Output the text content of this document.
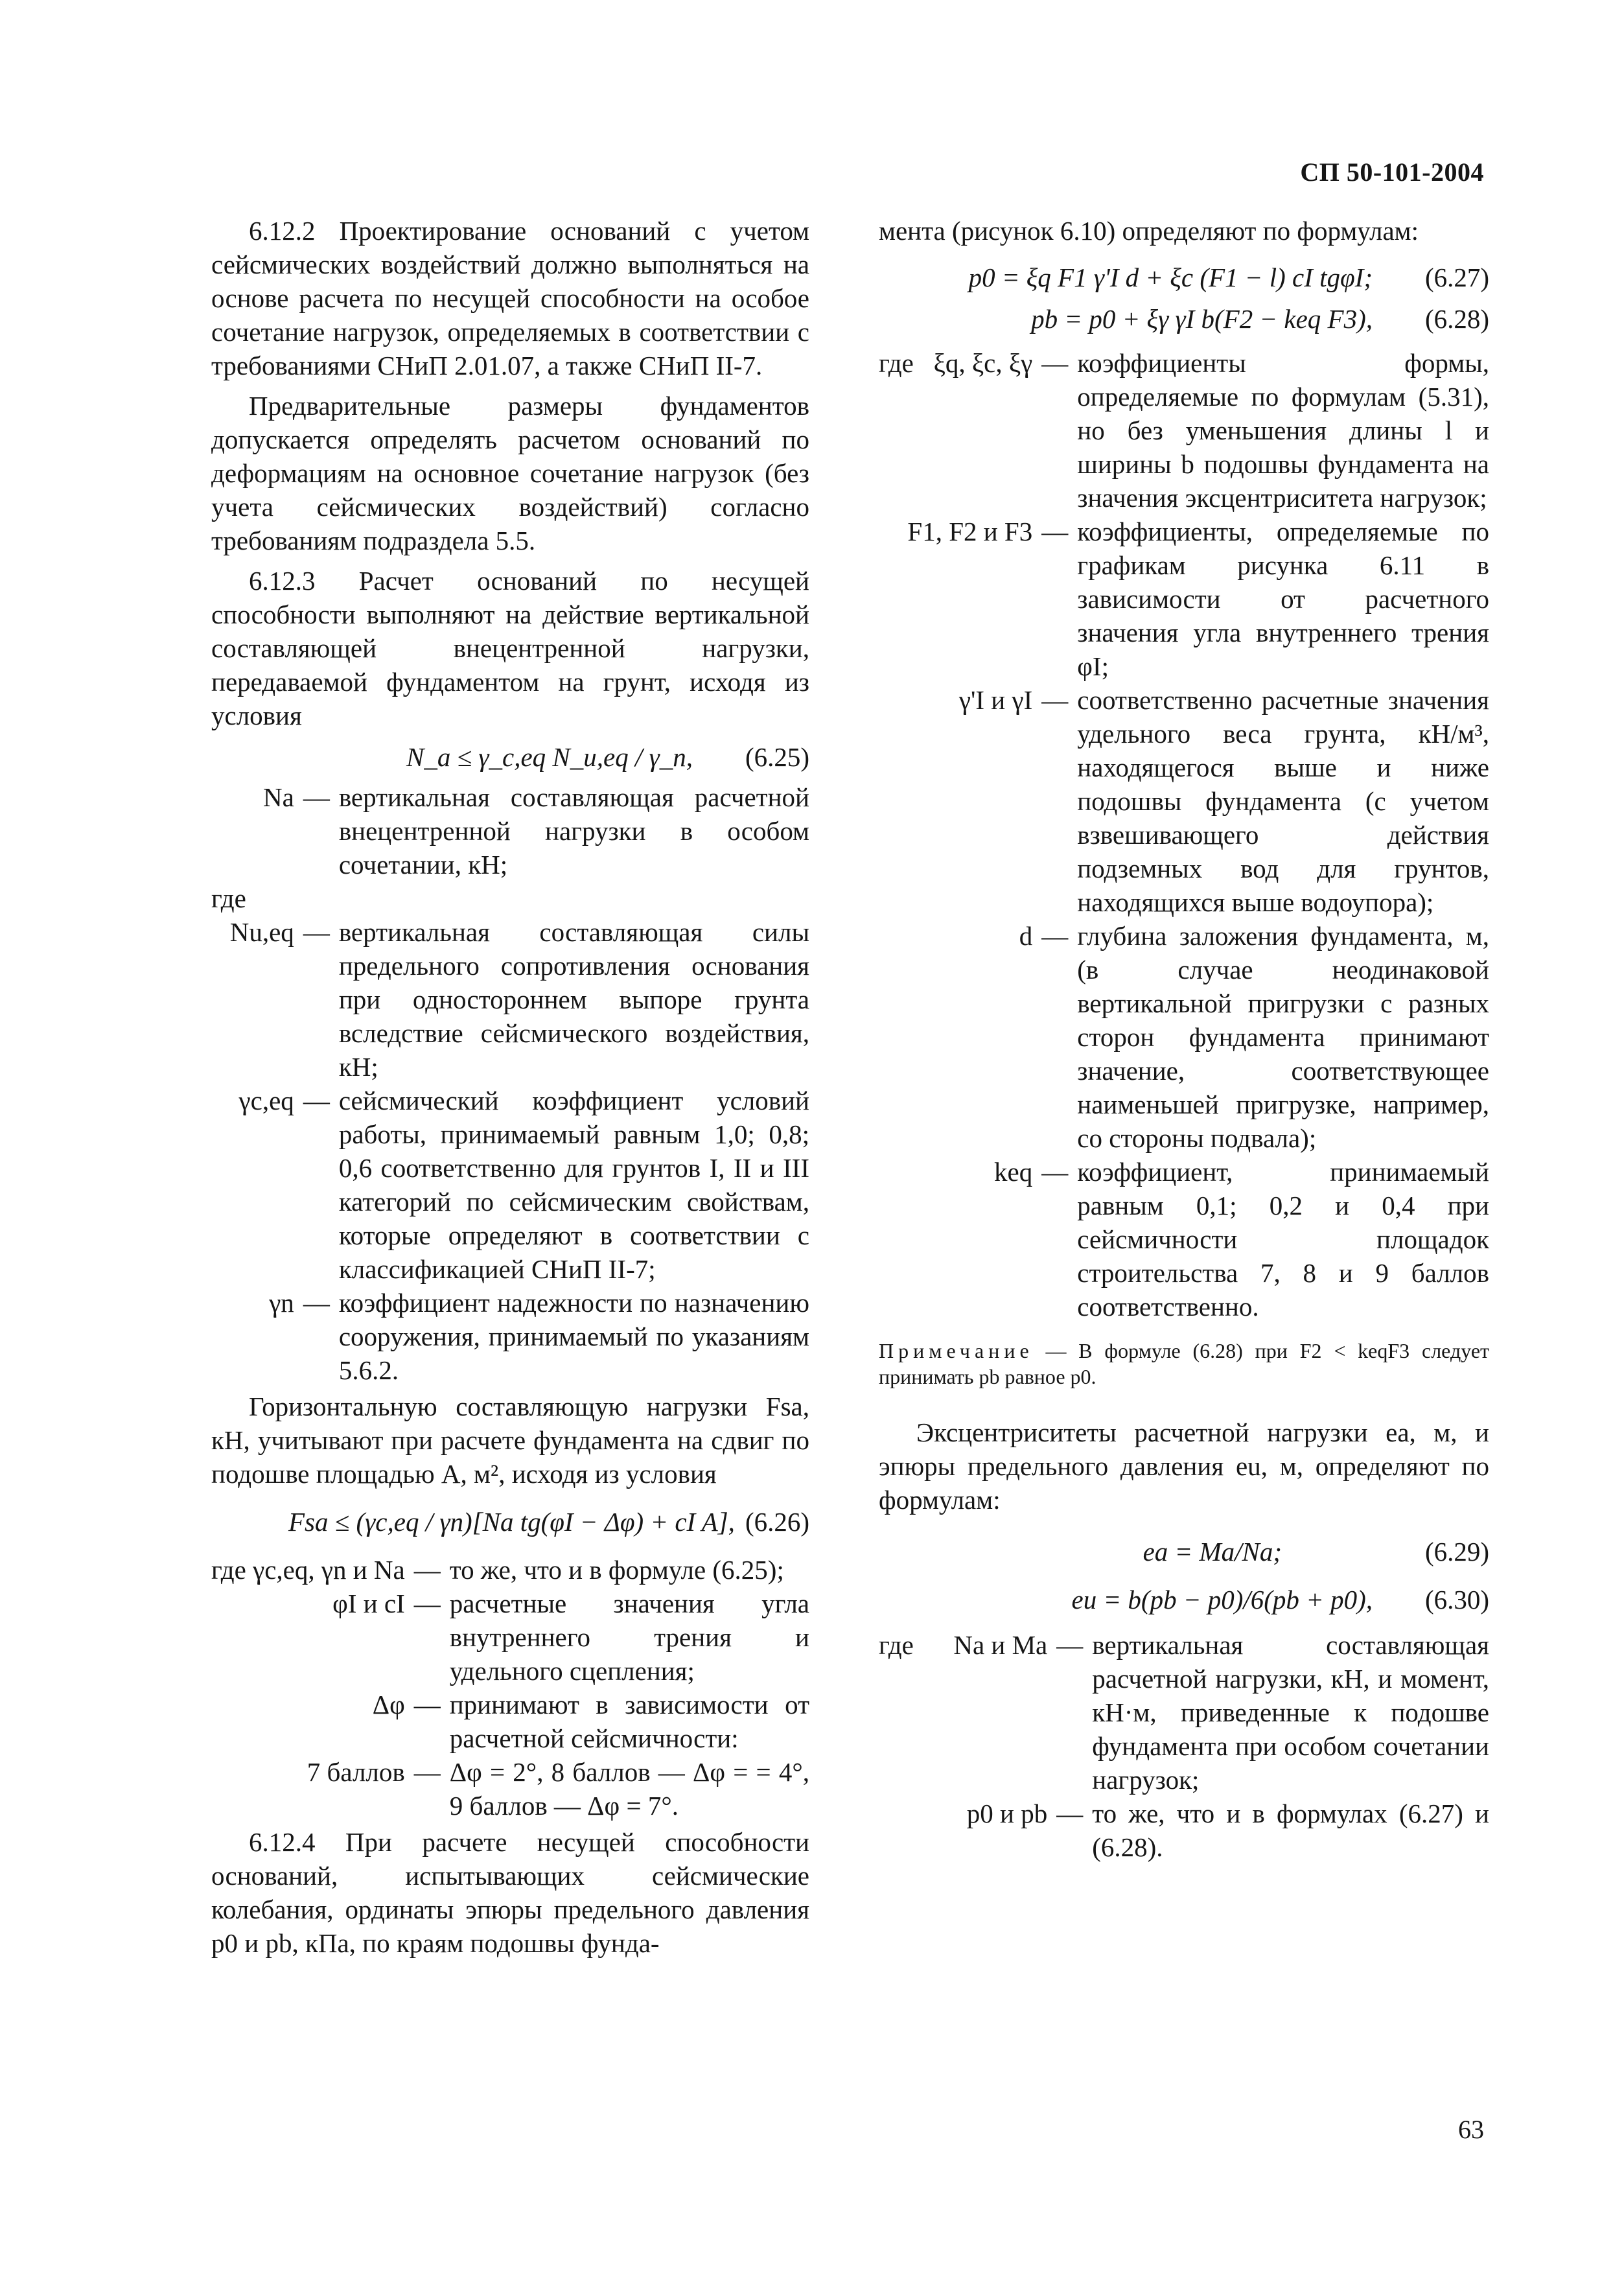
СП 50-101-2004

6.12.2 Проектирование оснований с учетом сейсмических воздействий должно выполняться на основе расчета по несущей способности на особое сочетание нагрузок, определяемых в соответствии с требованиями СНиП 2.01.07, а также СНиП II-7.

Предварительные размеры фундаментов допускается определять расчетом оснований по деформациям на основное сочетание нагрузок (без учета сейсмических воздействий) согласно требованиям подраздела 5.5.

6.12.3 Расчет оснований по несущей способности выполняют на действие вертикальной составляющей внецентренной нагрузки, передаваемой фундаментом на грунт, исходя из условия

N_a ≤ γ_c,eq N_u,eq / γ_n,	(6.25)
где
Na — вертикальная составляющая расчетной внецентренной нагрузки в особом сочетании, кН;
Nu,eq — вертикальная составляющая силы предельного сопротивления основания при одностороннем выпоре грунта вследствие сейсмического воздействия, кН;
γc,eq — сейсмический коэффициент условий работы, принимаемый равным 1,0; 0,8; 0,6 соответственно для грунтов I, II и III категорий по сейсмическим свойствам, которые определяют в соответствии с классификацией СНиП II-7;
γn — коэффициент надежности по назначению сооружения, принимаемый по указаниям 5.6.2.

Горизонтальную составляющую нагрузки Fsa, кН, учитывают при расчете фундамента на сдвиг по подошве площадью A, м², исходя из условия

Fsa ≤ (γc,eq / γn)[Na tg(φI − Δφ) + cI A], (6.26)
где γc,eq, γn и Na — то же, что и в формуле (6.25);
φI и cI — расчетные значения угла внутреннего трения и удельного сцепления;
Δφ — принимают в зависимости от расчетной сейсмичности:
7 баллов — Δφ = 2°, 8 баллов — Δφ = = 4°, 9 баллов — Δφ = 7°.

6.12.4 При расчете несущей способности оснований, испытывающих сейсмические колебания, ординаты эпюры предельного давления p0 и pb, кПа, по краям подошвы фунда-

мента (рисунок 6.10) определяют по формулам:

p0 = ξq F1 γ'I d + ξc (F1 − l) cI tgφI;	(6.27)
pb = p0 + ξγ γI b(F2 − keq F3),	(6.28)
где ξq, ξc, ξγ — коэффициенты формы, определяемые по формулам (5.31), но без уменьшения длины l и ширины b подошвы фундамента на значения эксцентриситета нагрузок;
F1, F2 и F3 — коэффициенты, определяемые по графикам рисунка 6.11 в зависимости от расчетного значения угла внутреннего трения φI;
γ'I и γI — соответственно расчетные значения удельного веса грунта, кН/м³, находящегося выше и ниже подошвы фундамента (с учетом взвешивающего действия подземных вод для грунтов, находящихся выше водоупора);
d — глубина заложения фундамента, м, (в случае неодинаковой вертикальной пригрузки с разных сторон фундамента принимают значение, соответствующее наименьшей пригрузке, например, со стороны подвала);
keq — коэффициент, принимаемый равным 0,1; 0,2 и 0,4 при сейсмичности площадок строительства 7, 8 и 9 баллов соответственно.

Примечание — В формуле (6.28) при F2 < keqF3 следует принимать pb равное p0.

Эксцентриситеты расчетной нагрузки ea, м, и эпюры предельного давления eu, м, определяют по формулам:

ea = Ma/Na;	(6.29)
eu = b(pb − p0)/6(pb + p0),	(6.30)
где Na и Ma — вертикальная составляющая расчетной нагрузки, кН, и момент, кН·м, приведенные к подошве фундамента при особом сочетании нагрузок;
p0 и pb — то же, что и в формулах (6.27) и (6.28).
63
